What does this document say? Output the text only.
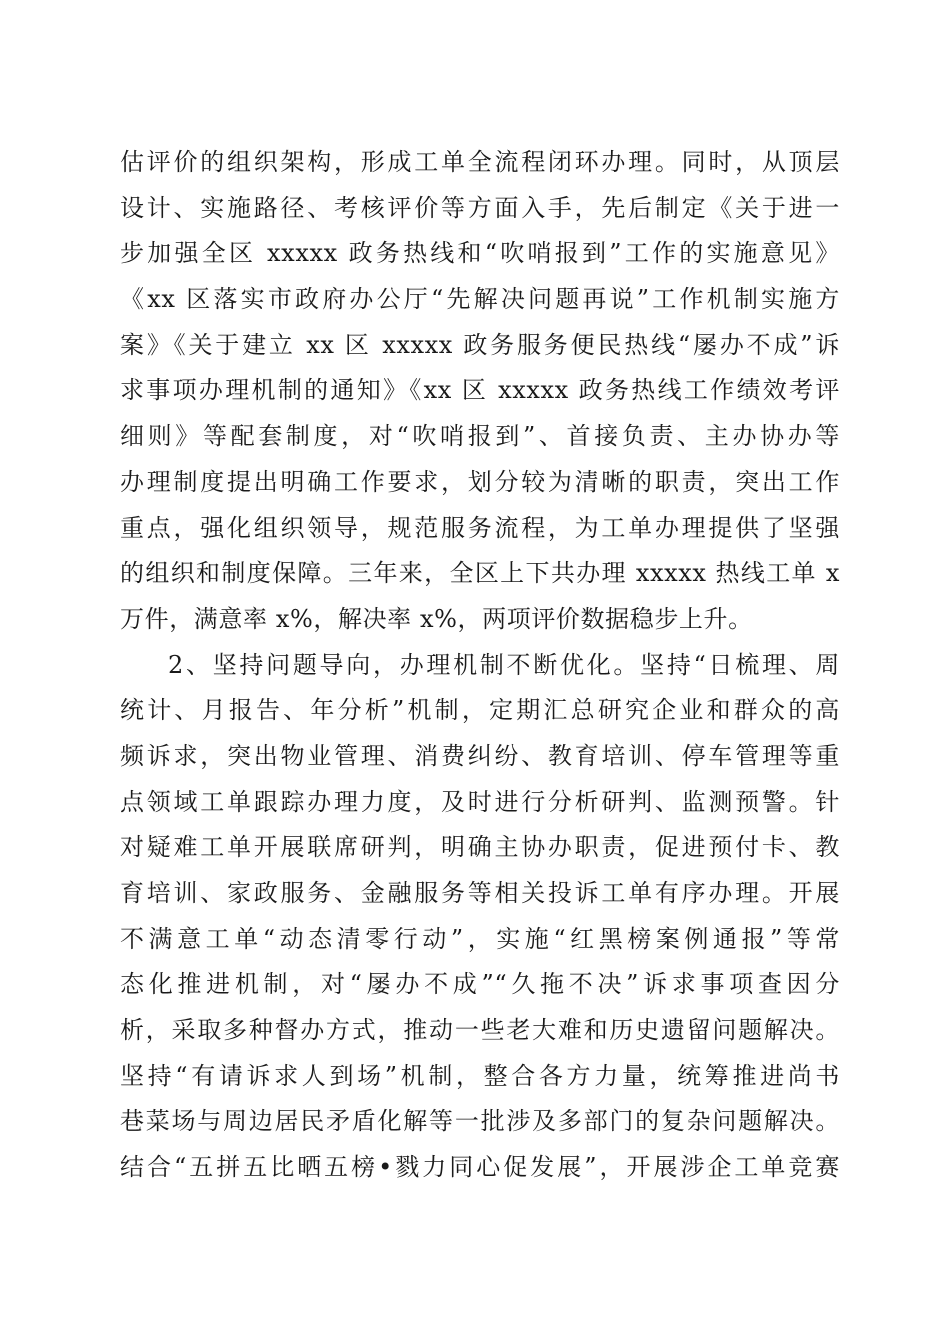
估评价的组织架构，形成工单全流程闭环办理。同时，从顶层
设计、实施路径、考核评价等方面入手，先后制定《关于进一
步加强全区 xxxxx 政务热线和“吹哨报到”工作的实施意见》
《xx 区落实市政府办公厅“先解决问题再说”工作机制实施方
案》《关于建立 xx 区 xxxxx 政务服务便民热线“屡办不成”诉
求事项办理机制的通知》《xx 区 xxxxx 政务热线工作绩效考评
细则》等配套制度，对“吹哨报到”、首接负责、主办协办等
办理制度提出明确工作要求，划分较为清晰的职责，突出工作
重点，强化组织领导，规范服务流程，为工单办理提供了坚强
的组织和制度保障。三年来，全区上下共办理 xxxxx 热线工单 x
万件，满意率 x%，解决率 x%，两项评价数据稳步上升。
2、坚持问题导向，办理机制不断优化。坚持“日梳理、周
统计、月报告、年分析”机制，定期汇总研究企业和群众的高
频诉求，突出物业管理、消费纠纷、教育培训、停车管理等重
点领域工单跟踪办理力度，及时进行分析研判、监测预警。针
对疑难工单开展联席研判，明确主协办职责，促进预付卡、教
育培训、家政服务、金融服务等相关投诉工单有序办理。开展
不满意工单“动态清零行动”，实施“红黑榜案例通报”等常
态化推进机制，对“屡办不成”“久拖不决”诉求事项查因分
析，采取多种督办方式，推动一些老大难和历史遗留问题解决。
坚持“有请诉求人到场”机制，整合各方力量，统筹推进尚书
巷菜场与周边居民矛盾化解等一批涉及多部门的复杂问题解决。
结合“五拼五比晒五榜•戮力同心促发展”，开展涉企工单竞赛
